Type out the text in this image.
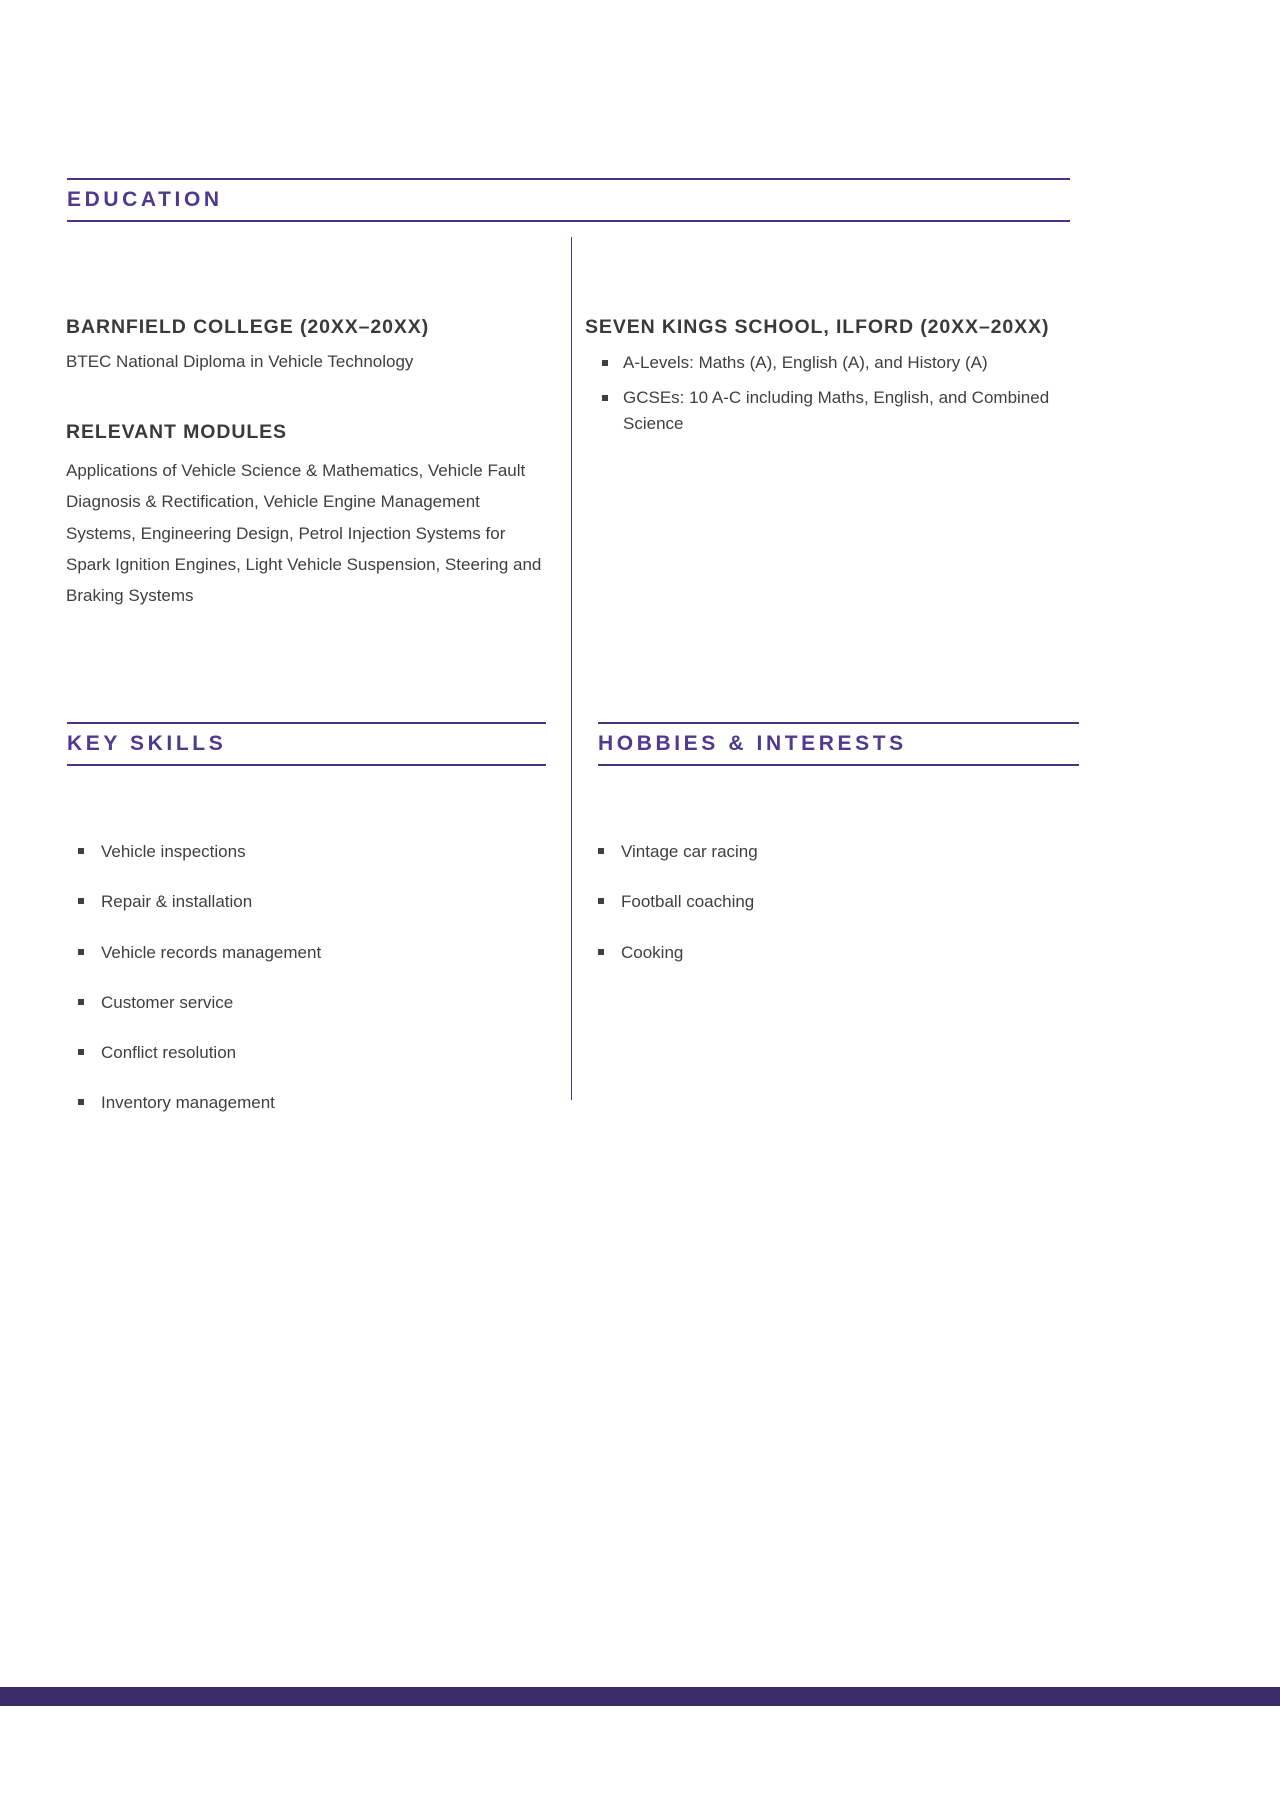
EDUCATION
BARNFIELD COLLEGE (20XX–20XX)
BTEC National Diploma in Vehicle Technology
RELEVANT MODULES
Applications of Vehicle Science & Mathematics, Vehicle Fault Diagnosis & Rectification, Vehicle Engine Management Systems, Engineering Design, Petrol Injection Systems for Spark Ignition Engines, Light Vehicle Suspension, Steering and Braking Systems
SEVEN KINGS SCHOOL, ILFORD (20XX–20XX)
A-Levels: Maths (A), English (A), and History (A)
GCSEs: 10 A-C including Maths, English, and Combined Science
KEY SKILLS	HOBBIES & INTERESTS
Vehicle inspections
Repair & installation
Vehicle records management
Customer service
Conflict resolution
Inventory management
Vintage car racing
Football coaching
Cooking
